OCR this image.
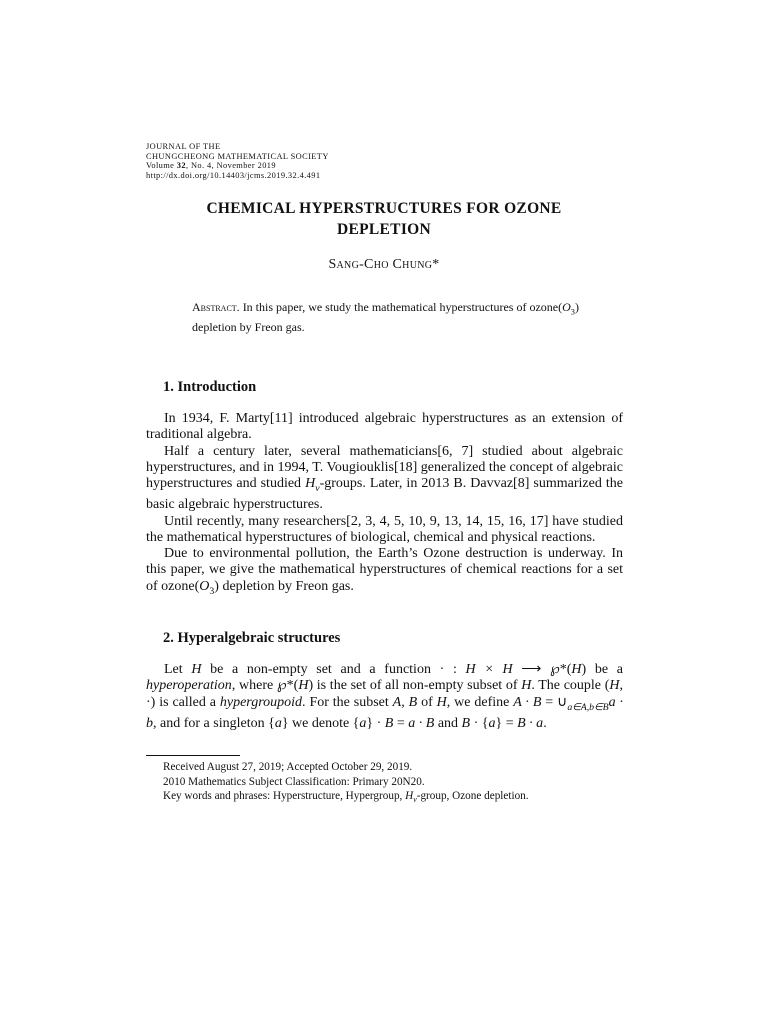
JOURNAL OF THE
CHUNGCHEONG MATHEMATICAL SOCIETY
Volume 32, No. 4, November 2019
http://dx.doi.org/10.14403/jcms.2019.32.4.491
CHEMICAL HYPERSTRUCTURES FOR OZONE
DEPLETION
Sang-Cho Chung*
Abstract. In this paper, we study the mathematical hyperstructures of $ozone(O_3)$ depletion by Freon gas.
1. Introduction

In 1934, F. Marty[11] introduced algebraic hyperstructures as an extension of traditional algebra.

Half a century later, several mathematicians[6, 7] studied about algebraic hyperstructures, and in 1994, T. Vougiouklis[18] generalized the concept of algebraic hyperstructures and studied $H_v$-groups. Later, in 2013 B. Davvaz[8] summarized the basic algebraic hyperstructures.

Until recently, many researchers[2, 3, 4, 5, 10, 9, 13, 14, 15, 16, 17] have studied the mathematical hyperstructures of biological, chemical and physical reactions.

Due to environmental pollution, the Earth’s Ozone destruction is underway. In this paper, we give the mathematical hyperstructures of chemical reactions for a set of $ozone(O_3)$ depletion by Freon gas.

2. Hyperalgebraic structures

Let H be a non-empty set and a function · : H × H ⟶ ℘*(H) be a hyperoperation, where ℘*(H) is the set of all non-empty subset of H. The couple (H, ·) is called a hypergroupoid. For the subset A, B of H, we define $A \cdot B = \cup_{a\in A,b\in B}a \cdot b$, and for a singleton {a} we denote {a} · B = a · B and B · {a} = B · a.

Received August 27, 2019; Accepted October 29, 2019.
2010 Mathematics Subject Classification: Primary 20N20.
Key words and phrases: Hyperstructure, Hypergroup, $H_v$-group, Ozone depletion.
